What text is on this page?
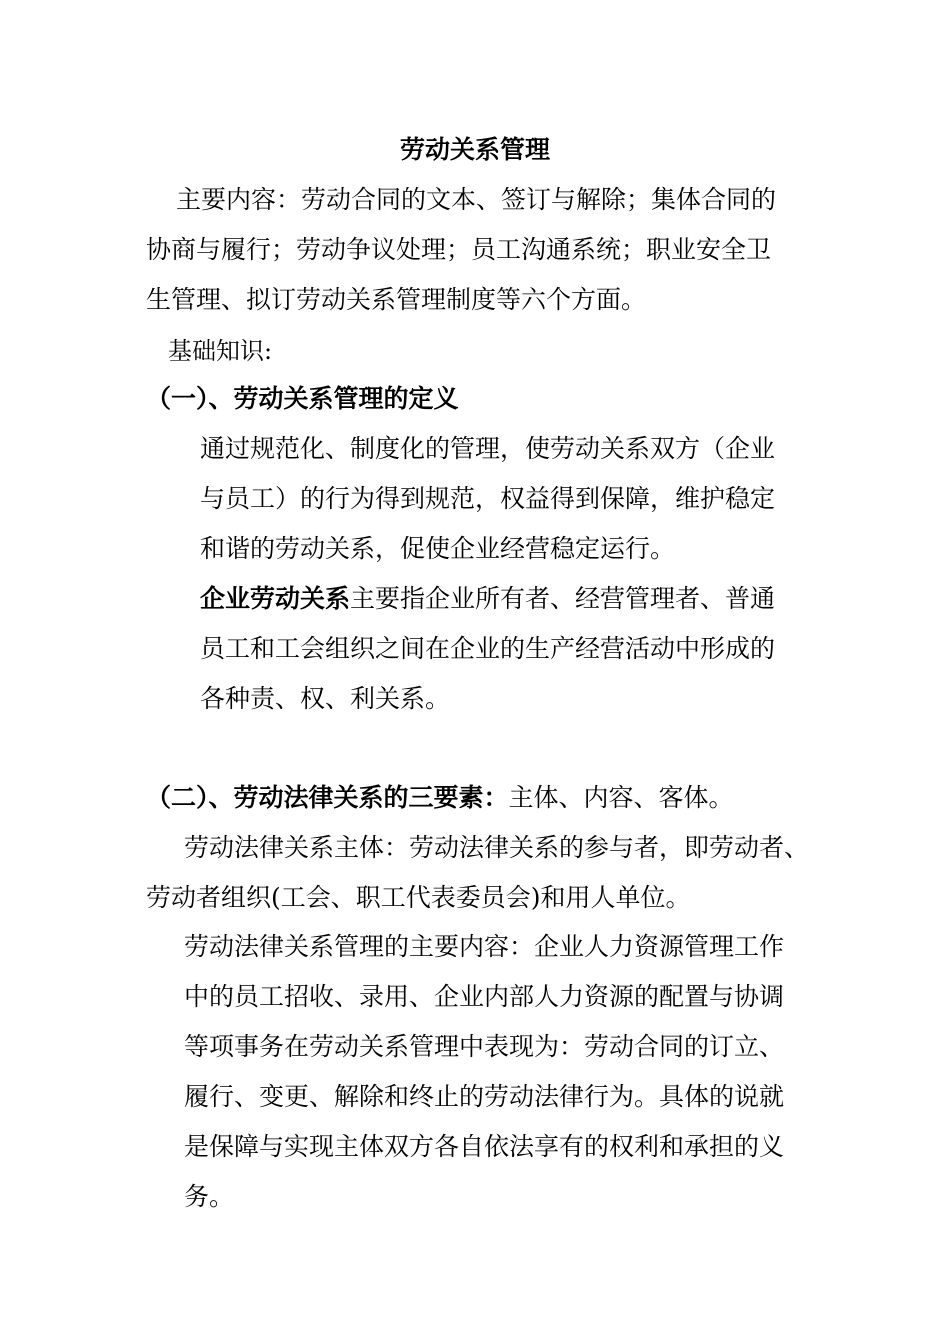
劳动关系管理
主要内容：劳动合同的文本、签订与解除；集体合同的
协商与履行；劳动争议处理；员工沟通系统；职业安全卫
生管理、拟订劳动关系管理制度等六个方面。
基础知识:
（一）、劳动关系管理的定义
通过规范化、制度化的管理，使劳动关系双方（企业
与员工）的行为得到规范，权益得到保障，维护稳定
和谐的劳动关系，促使企业经营稳定运行。
企业劳动关系主要指企业所有者、经营管理者、普通
员工和工会组织之间在企业的生产经营活动中形成的
各种责、权、利关系。
（二）、劳动法律关系的三要素：主体、内容、客体。
劳动法律关系主体：劳动法律关系的参与者，即劳动者、
劳动者组织(工会、职工代表委员会)和用人单位。
劳动法律关系管理的主要内容：企业人力资源管理工作
中的员工招收、录用、企业内部人力资源的配置与协调
等项事务在劳动关系管理中表现为：劳动合同的订立、
履行、变更、解除和终止的劳动法律行为。具体的说就
是保障与实现主体双方各自依法享有的权利和承担的义
务。
